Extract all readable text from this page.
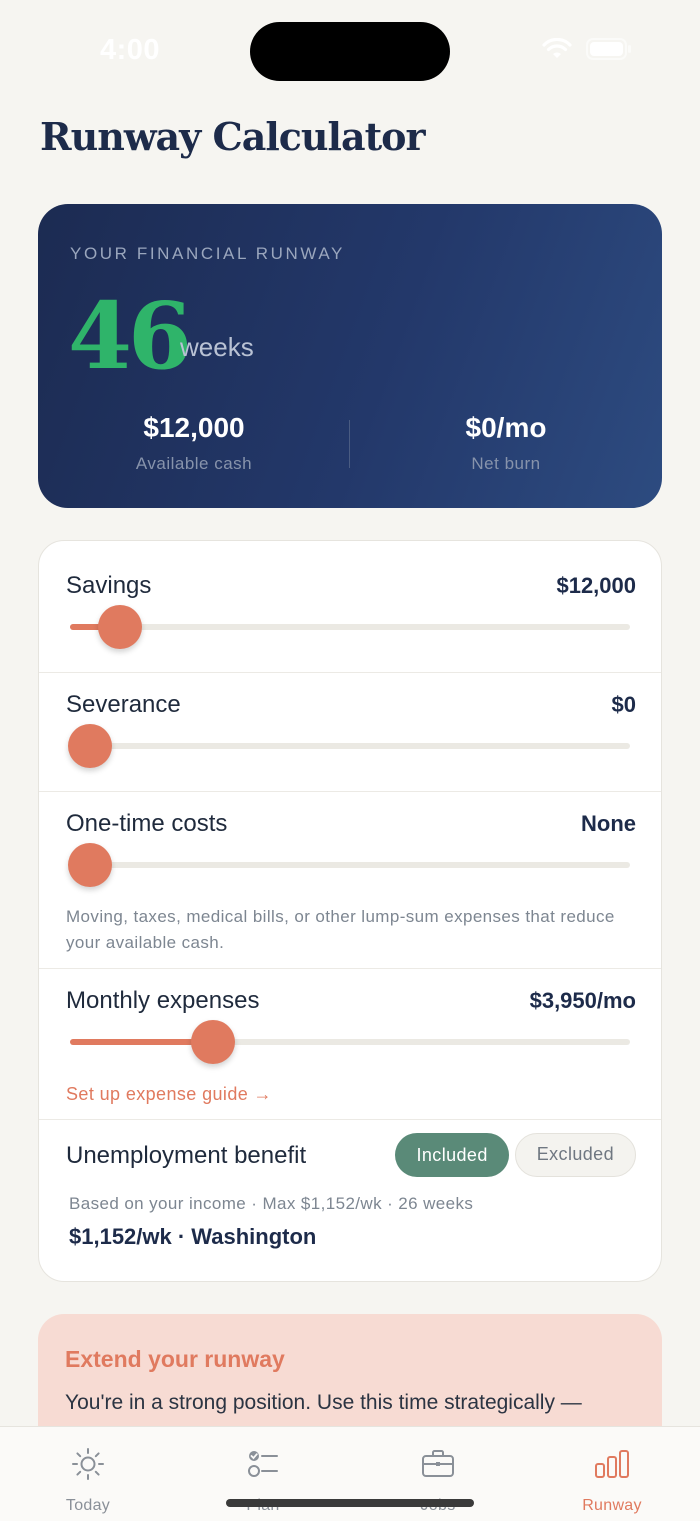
4:00
Runway Calculator
YOUR FINANCIAL RUNWAY
46
weeks
$12,000
Available cash
$0/mo
Net burn
Savings	$12,000
Severance	$0
One-time costs	None
Moving, taxes, medical bills, or other lump-sum expenses that reduce your available cash.
Monthly expenses	$3,950/mo
Set up expense guide →
Unemployment benefit	Included	Excluded
Based on your income · Max $1,152/wk · 26 weeks
$1,152/wk · Washington
Extend your runway
You're in a strong position. Use this time strategically —
Today	Runway
